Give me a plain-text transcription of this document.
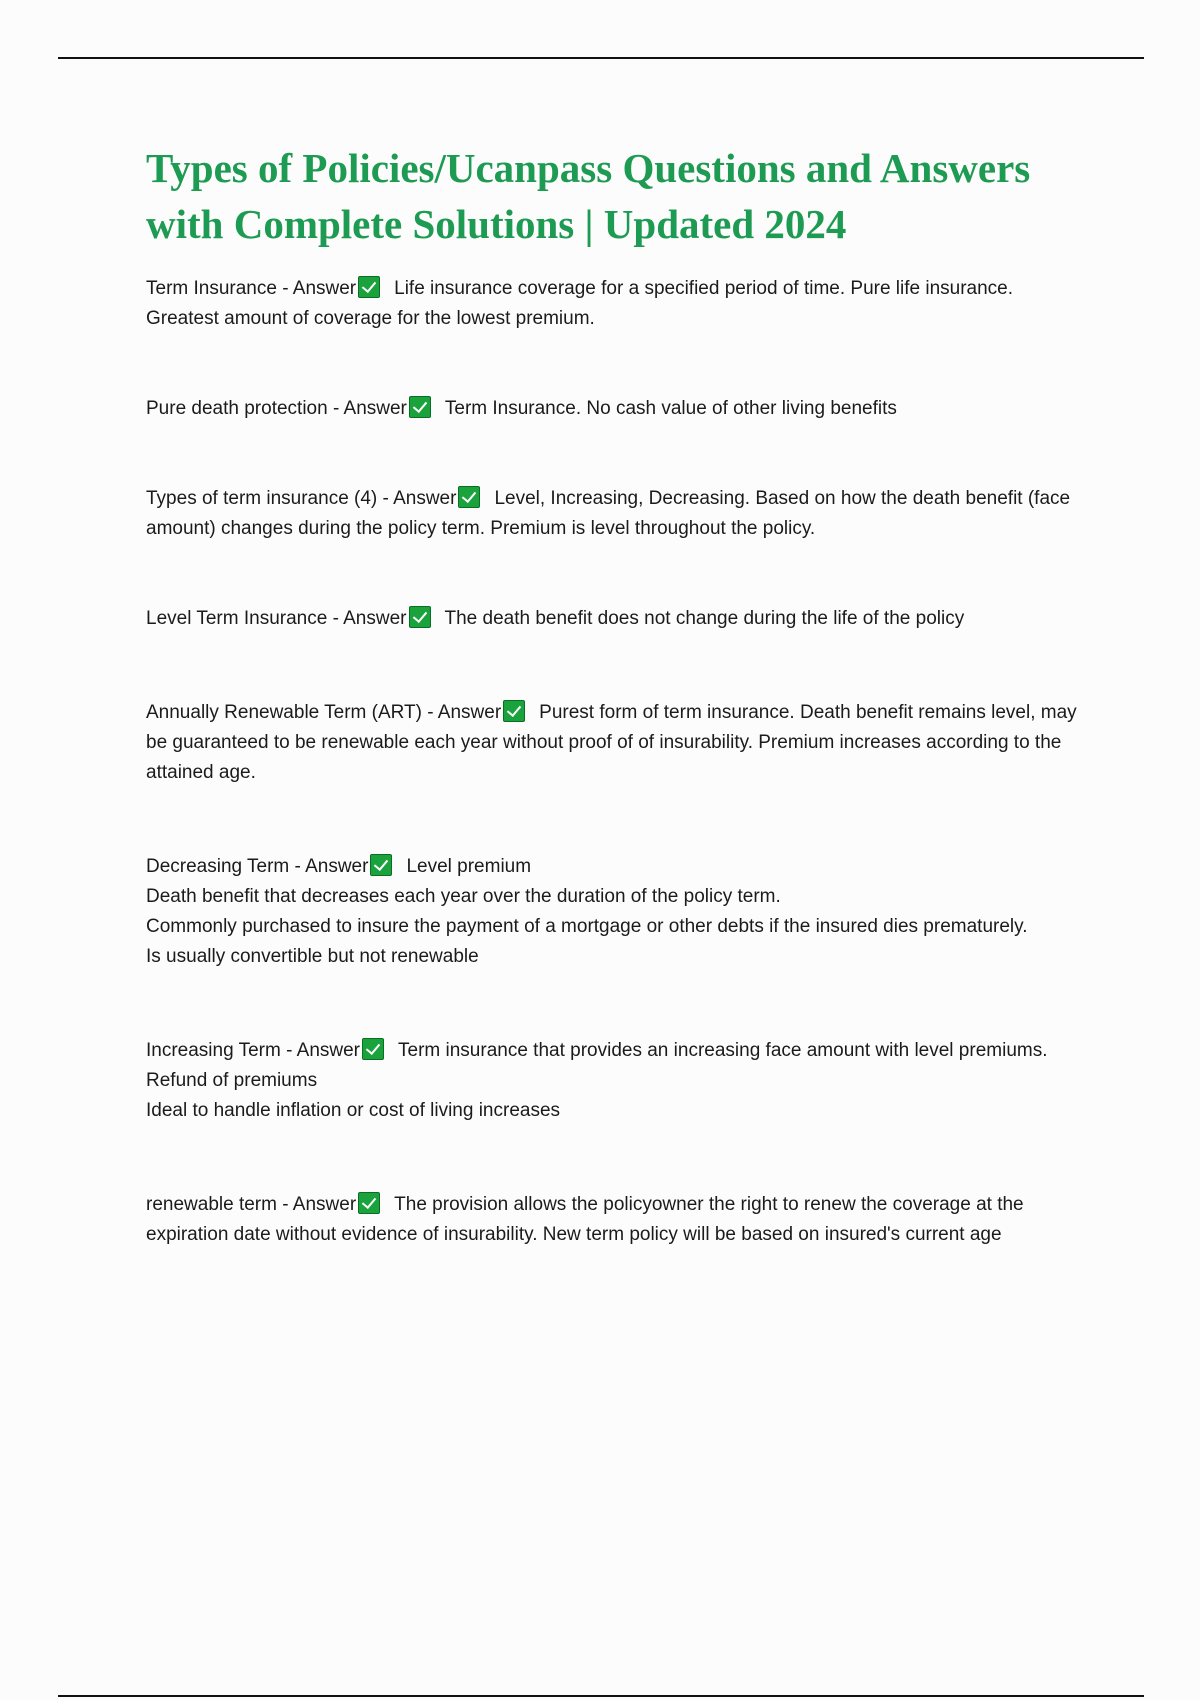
Types of Policies/Ucanpass Questions and Answers with Complete Solutions | Updated 2024

Term Insurance - Answer Life insurance coverage for a specified period of time. Pure life insurance. Greatest amount of coverage for the lowest premium.

Pure death protection - Answer Term Insurance. No cash value of other living benefits

Types of term insurance (4) - Answer Level, Increasing, Decreasing. Based on how the death benefit (face amount) changes during the policy term. Premium is level throughout the policy.

Level Term Insurance - Answer The death benefit does not change during the life of the policy

Annually Renewable Term (ART) - Answer Purest form of term insurance. Death benefit remains level, may be guaranteed to be renewable each year without proof of of insurability. Premium increases according to the attained age.

Decreasing Term - Answer Level premium

Death benefit that decreases each year over the duration of the policy term.

Commonly purchased to insure the payment of a mortgage or other debts if the insured dies prematurely.

Is usually convertible but not renewable

Increasing Term - Answer Term insurance that provides an increasing face amount with level premiums.

Refund of premiums

Ideal to handle inflation or cost of living increases

renewable term - Answer The provision allows the policyowner the right to renew the coverage at the expiration date without evidence of insurability. New term policy will be based on insured's current age
